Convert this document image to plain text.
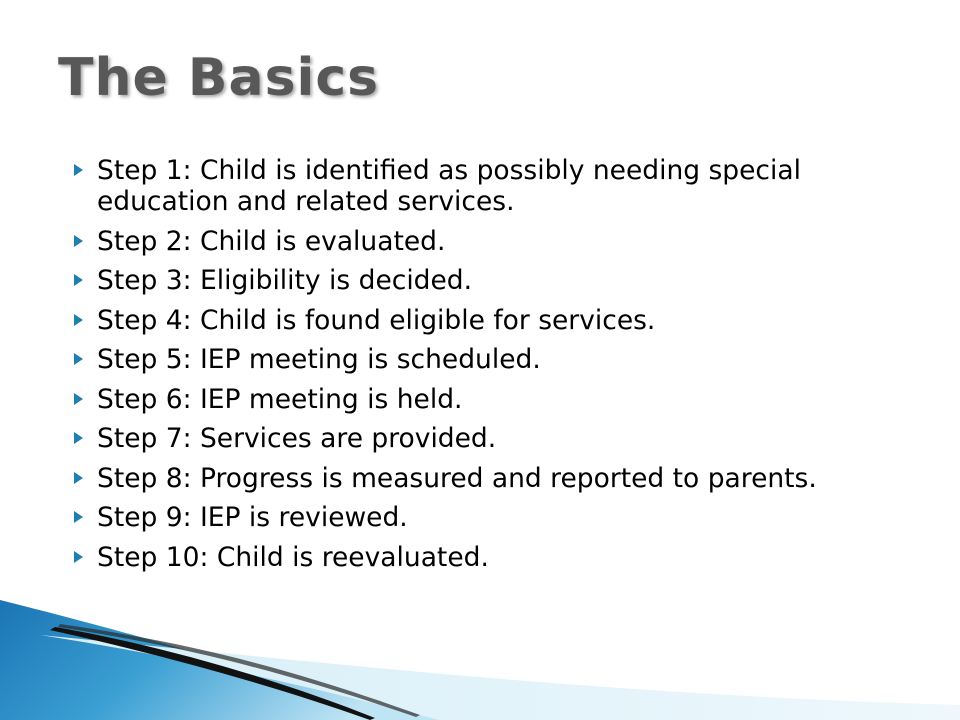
The Basics
Step 1: Child is identified as possibly needing special education and related services.
Step 2: Child is evaluated.
Step 3: Eligibility is decided.
Step 4: Child is found eligible for services.
Step 5: IEP meeting is scheduled.
Step 6: IEP meeting is held.
Step 7: Services are provided.
Step 8: Progress is measured and reported to parents.
Step 9: IEP is reviewed.
Step 10: Child is reevaluated.
